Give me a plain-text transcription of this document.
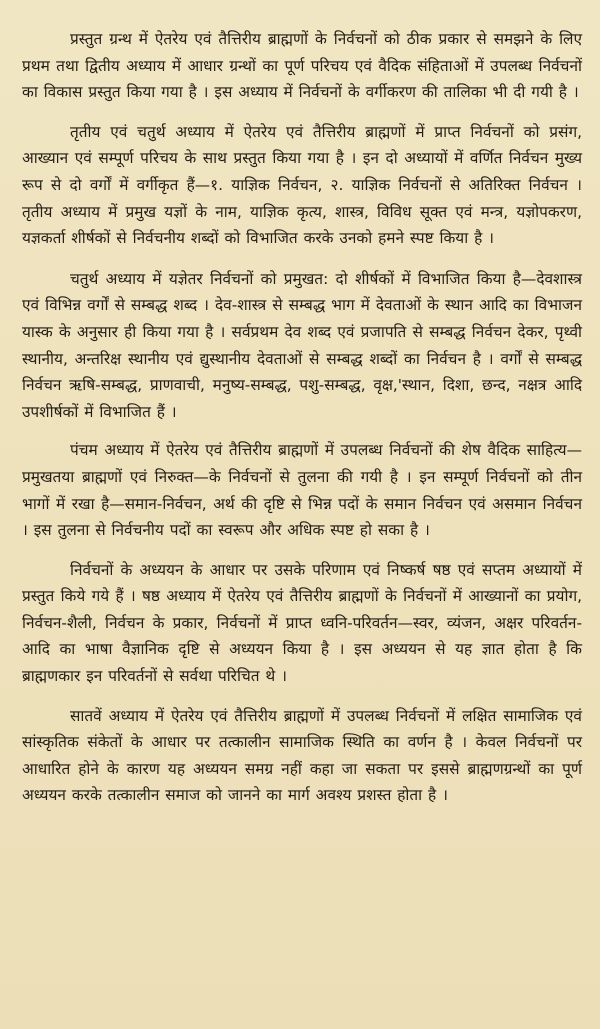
प्रस्तुत ग्रन्थ में ऐतरेय एवं तैत्तिरीय ब्राह्मणों के निर्वचनों को ठीक प्रकार से समझने के लिए प्रथम तथा द्वितीय अध्याय में आधार ग्रन्थों का पूर्ण परिचय एवं वैदिक संहिताओं में उपलब्ध निर्वचनों का विकास प्रस्तुत किया गया है । इस अध्याय में निर्वचनों के वर्गीकरण की तालिका भी दी गयी है ।

तृतीय एवं चतुर्थ अध्याय में ऐतरेय एवं तैत्तिरीय ब्राह्मणों में प्राप्त निर्वचनों को प्रसंग, आख्यान एवं सम्पूर्ण परिचय के साथ प्रस्तुत किया गया है । इन दो अध्यायों में वर्णित निर्वचन मुख्य रूप से दो वर्गों में वर्गीकृत हैं—१. याज्ञिक निर्वचन, २. याज्ञिक निर्वचनों से अतिरिक्त निर्वचन । तृतीय अध्याय में प्रमुख यज्ञों के नाम, याज्ञिक कृत्य, शास्त्र, विविध सूक्त एवं मन्त्र, यज्ञोपकरण, यज्ञकर्ता शीर्षकों से निर्वचनीय शब्दों को विभाजित करके उनको हमने स्पष्ट किया है ।

चतुर्थ अध्याय में यज्ञेतर निर्वचनों को प्रमुखत: दो शीर्षकों में विभाजित किया है—देवशास्त्र एवं विभिन्न वर्गों से सम्बद्ध शब्द । देव-शास्त्र से सम्बद्ध भाग में देवताओं के स्थान आदि का विभाजन यास्क के अनुसार ही किया गया है । सर्वप्रथम देव शब्द एवं प्रजापति से सम्बद्ध निर्वचन देकर, पृथ्वी स्थानीय, अन्तरिक्ष स्थानीय एवं द्युस्थानीय देवताओं से सम्बद्ध शब्दों का निर्वचन है । वर्गों से सम्बद्ध निर्वचन ऋषि-सम्बद्ध, प्राणवाची, मनुष्य-सम्बद्ध, पशु-सम्बद्ध, वृक्ष,'स्थान, दिशा, छन्द, नक्षत्र आदि उपशीर्षकों में विभाजित हैं ।

पंचम अध्याय में ऐतरेय एवं तैत्तिरीय ब्राह्मणों में उपलब्ध निर्वचनों की शेष वैदिक साहित्य—प्रमुखतया ब्राह्मणों एवं निरुक्त—के निर्वचनों से तुलना की गयी है । इन सम्पूर्ण निर्वचनों को तीन भागों में रखा है—समान-निर्वचन, अर्थ की दृष्टि से भिन्न पदों के समान निर्वचन एवं असमान निर्वचन । इस तुलना से निर्वचनीय पदों का स्वरूप और अधिक स्पष्ट हो सका है ।

निर्वचनों के अध्ययन के आधार पर उसके परिणाम एवं निष्कर्ष षष्ठ एवं सप्तम अध्यायों में प्रस्तुत किये गये हैं । षष्ठ अध्याय में ऐतरेय एवं तैत्तिरीय ब्राह्मणों के निर्वचनों में आख्यानों का प्रयोग, निर्वचन-शैली, निर्वचन के प्रकार, निर्वचनों में प्राप्त ध्वनि-परिवर्तन—स्वर, व्यंजन, अक्षर परिवर्तन-आदि का भाषा वैज्ञानिक दृष्टि से अध्ययन किया है । इस अध्ययन से यह ज्ञात होता है कि ब्राह्मणकार इन परिवर्तनों से सर्वथा परिचित थे ।

सातवें अध्याय में ऐतरेय एवं तैत्तिरीय ब्राह्मणों में उपलब्ध निर्वचनों में लक्षित सामाजिक एवं सांस्कृतिक संकेतों के आधार पर तत्कालीन सामाजिक स्थिति का वर्णन है । केवल निर्वचनों पर आधारित होने के कारण यह अध्ययन समग्र नहीं कहा जा सकता पर इससे ब्राह्मणग्रन्थों का पूर्ण अध्ययन करके तत्कालीन समाज को जानने का मार्ग अवश्य प्रशस्त होता है ।
